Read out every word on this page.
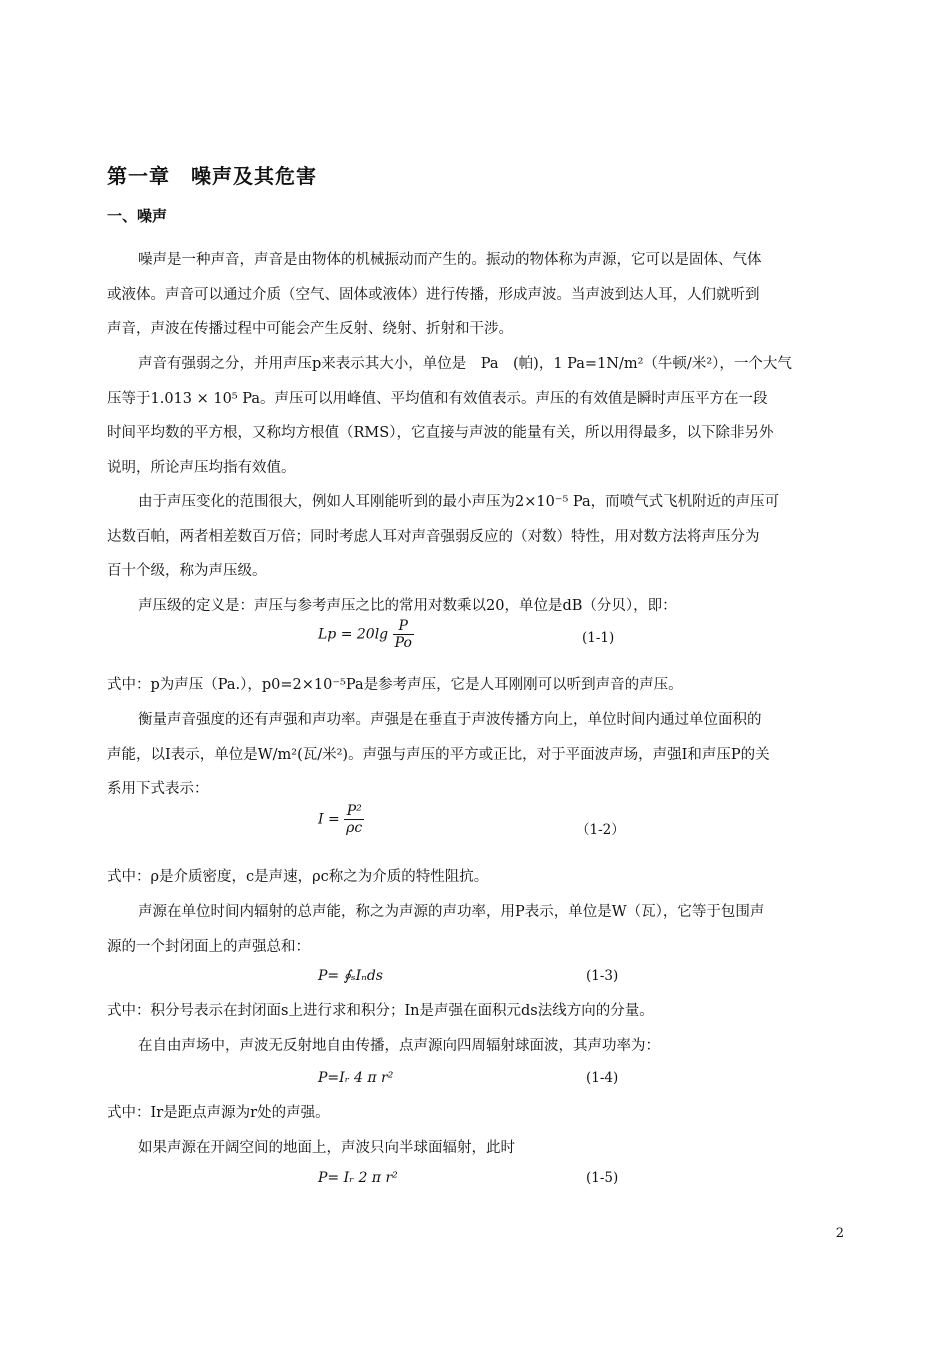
第一章　噪声及其危害
一、噪声
噪声是一种声音，声音是由物体的机械振动而产生的。振动的物体称为声源，它可以是固体、气体
或液体。声音可以通过介质（空气、固体或液体）进行传播，形成声波。当声波到达人耳，人们就听到
声音，声波在传播过程中可能会产生反射、绕射、折射和干涉。
声音有强弱之分，并用声压p来表示其大小，单位是　Pa　(帕)，1 Pa=1N/m²（牛顿/米²），一个大气
压等于1.013 × 10⁵ Pa。声压可以用峰值、平均值和有效值表示。声压的有效值是瞬时声压平方在一段
时间平均数的平方根，又称均方根值（RMS），它直接与声波的能量有关，所以用得最多，以下除非另外
说明，所论声压均指有效值。
由于声压变化的范围很大，例如人耳刚能听到的最小声压为2×10⁻⁵ Pa，而喷气式飞机附近的声压可
达数百帕，两者相差数百万倍；同时考虑人耳对声音强弱反应的（对数）特性，用对数方法将声压分为
百十个级，称为声压级。
声压级的定义是：声压与参考声压之比的常用对数乘以20，单位是dB（分贝），即：
$Lp = 20\lg \frac{P}{Po}$	(1-1)
式中：p为声压（Pa.），p0=2×10⁻⁵Pa是参考声压，它是人耳刚刚可以听到声音的声压。
衡量声音强度的还有声强和声功率。声强是在垂直于声波传播方向上，单位时间内通过单位面积的
声能，以I表示，单位是W/m²(瓦/米²)。声强与声压的平方或正比，对于平面波声场，声强I和声压P的关
系用下式表示：
$I = \frac{\text{P²}}{\rho c}$	（1-2）
式中：ρ是介质密度，c是声速，ρc称之为介质的特性阻抗。
声源在单位时间内辐射的总声能，称之为声源的声功率，用P表示，单位是W（瓦），它等于包围声
源的一个封闭面上的声强总和：
P= ∮ₛIₙds	(1-3)
式中：积分号表示在封闭面s上进行求和积分；In是声强在面积元ds法线方向的分量。
在自由声场中，声波无反射地自由传播，点声源向四周辐射球面波，其声功率为：
P=Iᵣ 4 π r²	(1-4)
式中：Ir是距点声源为r处的声强。
如果声源在开阔空间的地面上，声波只向半球面辐射，此时
P= Iᵣ 2 π r²	(1-5)
2
